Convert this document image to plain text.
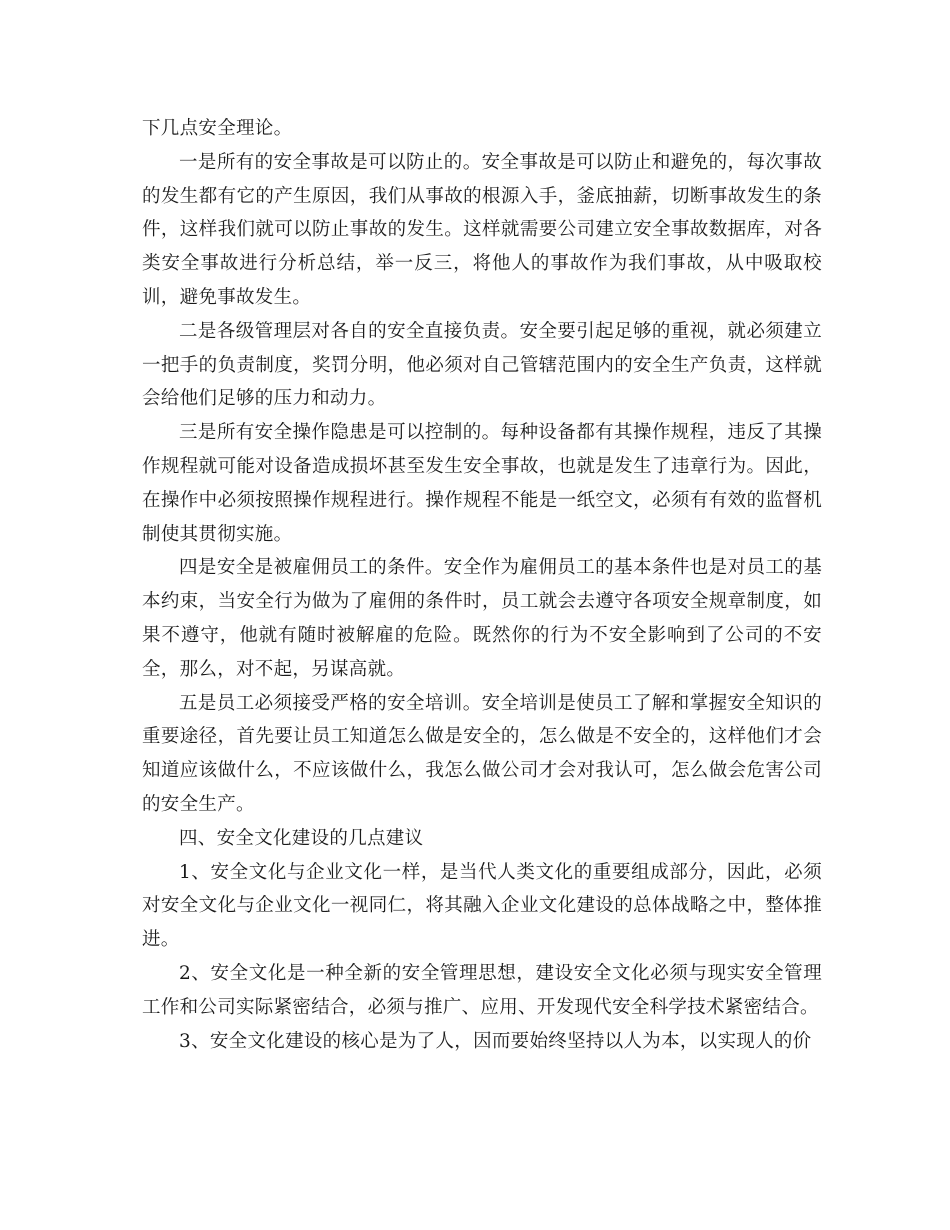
下几点安全理论。

一是所有的安全事故是可以防止的。安全事故是可以防止和避免的，每次事故的发生都有它的产生原因，我们从事故的根源入手，釜底抽薪，切断事故发生的条件，这样我们就可以防止事故的发生。这样就需要公司建立安全事故数据库，对各类安全事故进行分析总结，举一反三，将他人的事故作为我们事故，从中吸取校训，避免事故发生。

二是各级管理层对各自的安全直接负责。安全要引起足够的重视，就必须建立一把手的负责制度，奖罚分明，他必须对自己管辖范围内的安全生产负责，这样就会给他们足够的压力和动力。

三是所有安全操作隐患是可以控制的。每种设备都有其操作规程，违反了其操作规程就可能对设备造成损坏甚至发生安全事故，也就是发生了违章行为。因此，在操作中必须按照操作规程进行。操作规程不能是一纸空文，必须有有效的监督机制使其贯彻实施。

四是安全是被雇佣员工的条件。安全作为雇佣员工的基本条件也是对员工的基本约束，当安全行为做为了雇佣的条件时，员工就会去遵守各项安全规章制度，如果不遵守，他就有随时被解雇的危险。既然你的行为不安全影响到了公司的不安全，那么，对不起，另谋高就。

五是员工必须接受严格的安全培训。安全培训是使员工了解和掌握安全知识的重要途径，首先要让员工知道怎么做是安全的，怎么做是不安全的，这样他们才会知道应该做什么，不应该做什么，我怎么做公司才会对我认可，怎么做会危害公司的安全生产。

四、安全文化建设的几点建议

1、安全文化与企业文化一样，是当代人类文化的重要组成部分，因此，必须对安全文化与企业文化一视同仁，将其融入企业文化建设的总体战略之中，整体推进。

2、安全文化是一种全新的安全管理思想，建设安全文化必须与现实安全管理工作和公司实际紧密结合，必须与推广、应用、开发现代安全科学技术紧密结合。

3、安全文化建设的核心是为了人，因而要始终坚持以人为本，以实现人的价
